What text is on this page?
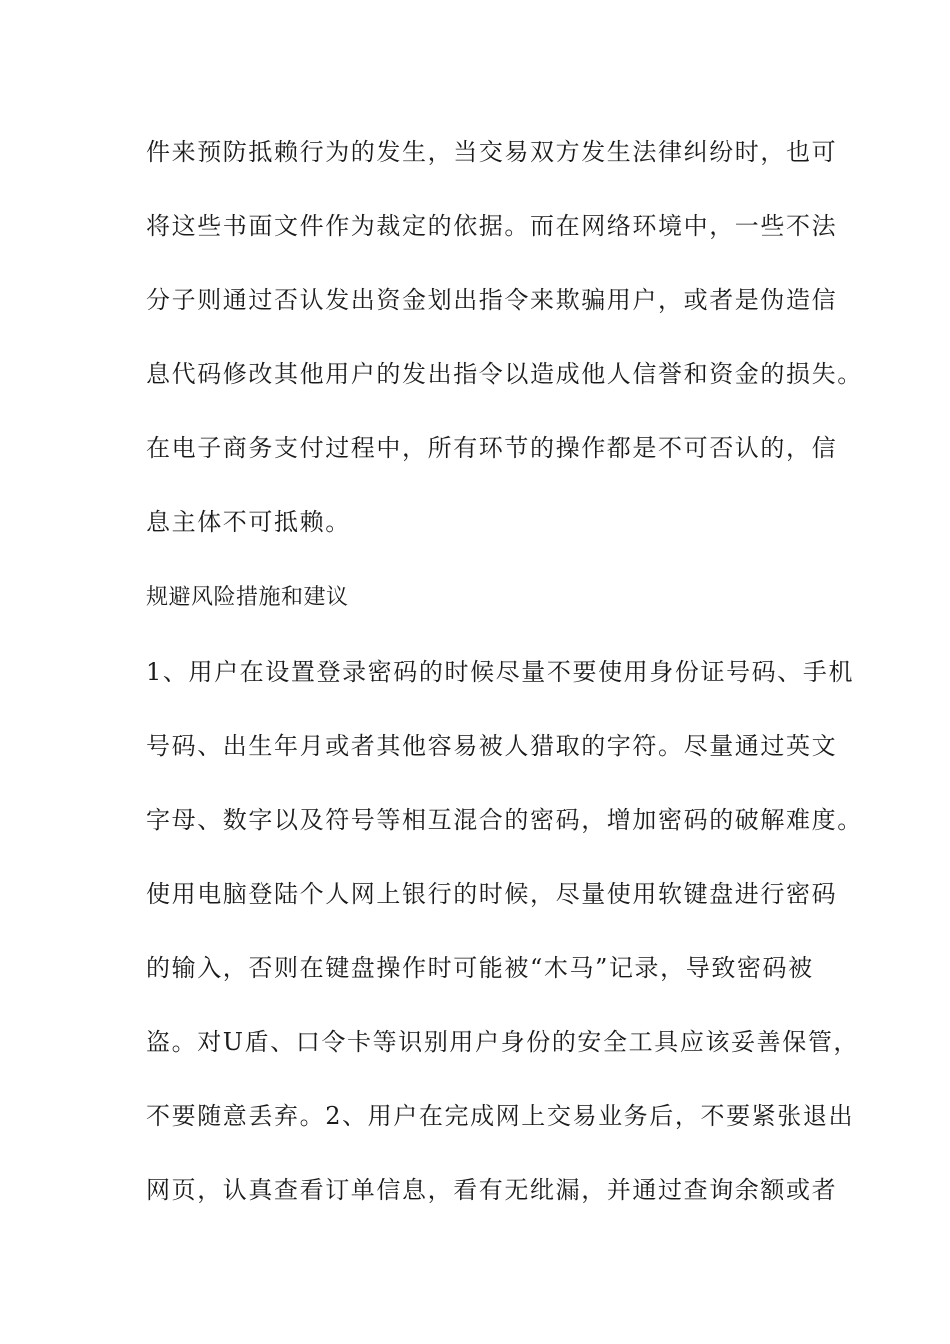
件来预防抵赖行为的发生，当交易双方发生法律纠纷时，也可
将这些书面文件作为裁定的依据。而在网络环境中，一些不法
分子则通过否认发出资金划出指令来欺骗用户，或者是伪造信
息代码修改其他用户的发出指令以造成他人信誉和资金的损失。
在电子商务支付过程中，所有环节的操作都是不可否认的，信
息主体不可抵赖。
规避风险措施和建议
1、用户在设置登录密码的时候尽量不要使用身份证号码、手机
号码、出生年月或者其他容易被人猎取的字符。尽量通过英文
字母、数字以及符号等相互混合的密码，增加密码的破解难度。
使用电脑登陆个人网上银行的时候，尽量使用软键盘进行密码
的输入，否则在键盘操作时可能被“木马”记录，导致密码被
盗。对U盾、口令卡等识别用户身份的安全工具应该妥善保管，
不要随意丢弃。2、用户在完成网上交易业务后，不要紧张退出
网页，认真查看订单信息，看有无纰漏，并通过查询余额或者
